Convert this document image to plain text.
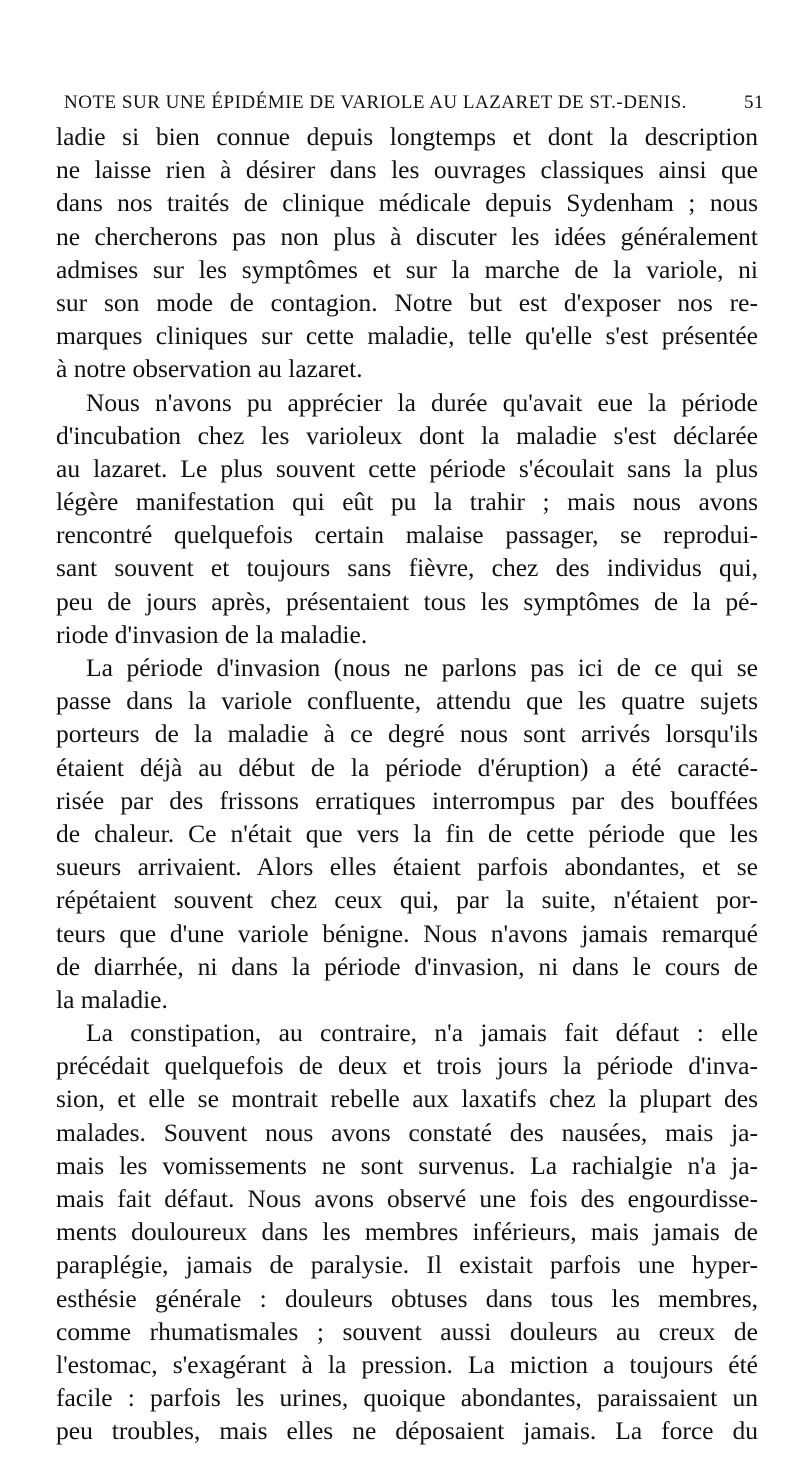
NOTE SUR UNE ÉPIDÉMIE DE VARIOLE AU LAZARET DE ST.-DENIS.	51
ladie si bien connue depuis longtemps et dont la description
ne laisse rien à désirer dans les ouvrages classiques ainsi que
dans nos traités de clinique médicale depuis Sydenham ; nous
ne chercherons pas non plus à discuter les idées généralement
admises sur les symptômes et sur la marche de la variole, ni
sur son mode de contagion. Notre but est d'exposer nos re-
marques cliniques sur cette maladie, telle qu'elle s'est présentée
à notre observation au lazaret.
Nous n'avons pu apprécier la durée qu'avait eue la période
d'incubation chez les varioleux dont la maladie s'est déclarée
au lazaret. Le plus souvent cette période s'écoulait sans la plus
légère manifestation qui eût pu la trahir ; mais nous avons
rencontré quelquefois certain malaise passager, se reprodui-
sant souvent et toujours sans fièvre, chez des individus qui,
peu de jours après, présentaient tous les symptômes de la pé-
riode d'invasion de la maladie.
La période d'invasion (nous ne parlons pas ici de ce qui se
passe dans la variole confluente, attendu que les quatre sujets
porteurs de la maladie à ce degré nous sont arrivés lorsqu'ils
étaient déjà au début de la période d'éruption) a été caracté-
risée par des frissons erratiques interrompus par des bouffées
de chaleur. Ce n'était que vers la fin de cette période que les
sueurs arrivaient. Alors elles étaient parfois abondantes, et se
répétaient souvent chez ceux qui, par la suite, n'étaient por-
teurs que d'une variole bénigne. Nous n'avons jamais remarqué
de diarrhée, ni dans la période d'invasion, ni dans le cours de
la maladie.
La constipation, au contraire, n'a jamais fait défaut : elle
précédait quelquefois de deux et trois jours la période d'inva-
sion, et elle se montrait rebelle aux laxatifs chez la plupart des
malades. Souvent nous avons constaté des nausées, mais ja-
mais les vomissements ne sont survenus. La rachialgie n'a ja-
mais fait défaut. Nous avons observé une fois des engourdisse-
ments douloureux dans les membres inférieurs, mais jamais de
paraplégie, jamais de paralysie. Il existait parfois une hyper-
esthésie générale : douleurs obtuses dans tous les membres,
comme rhumatismales ; souvent aussi douleurs au creux de
l'estomac, s'exagérant à la pression. La miction a toujours été
facile : parfois les urines, quoique abondantes, paraissaient un
peu troubles, mais elles ne déposaient jamais. La force du
